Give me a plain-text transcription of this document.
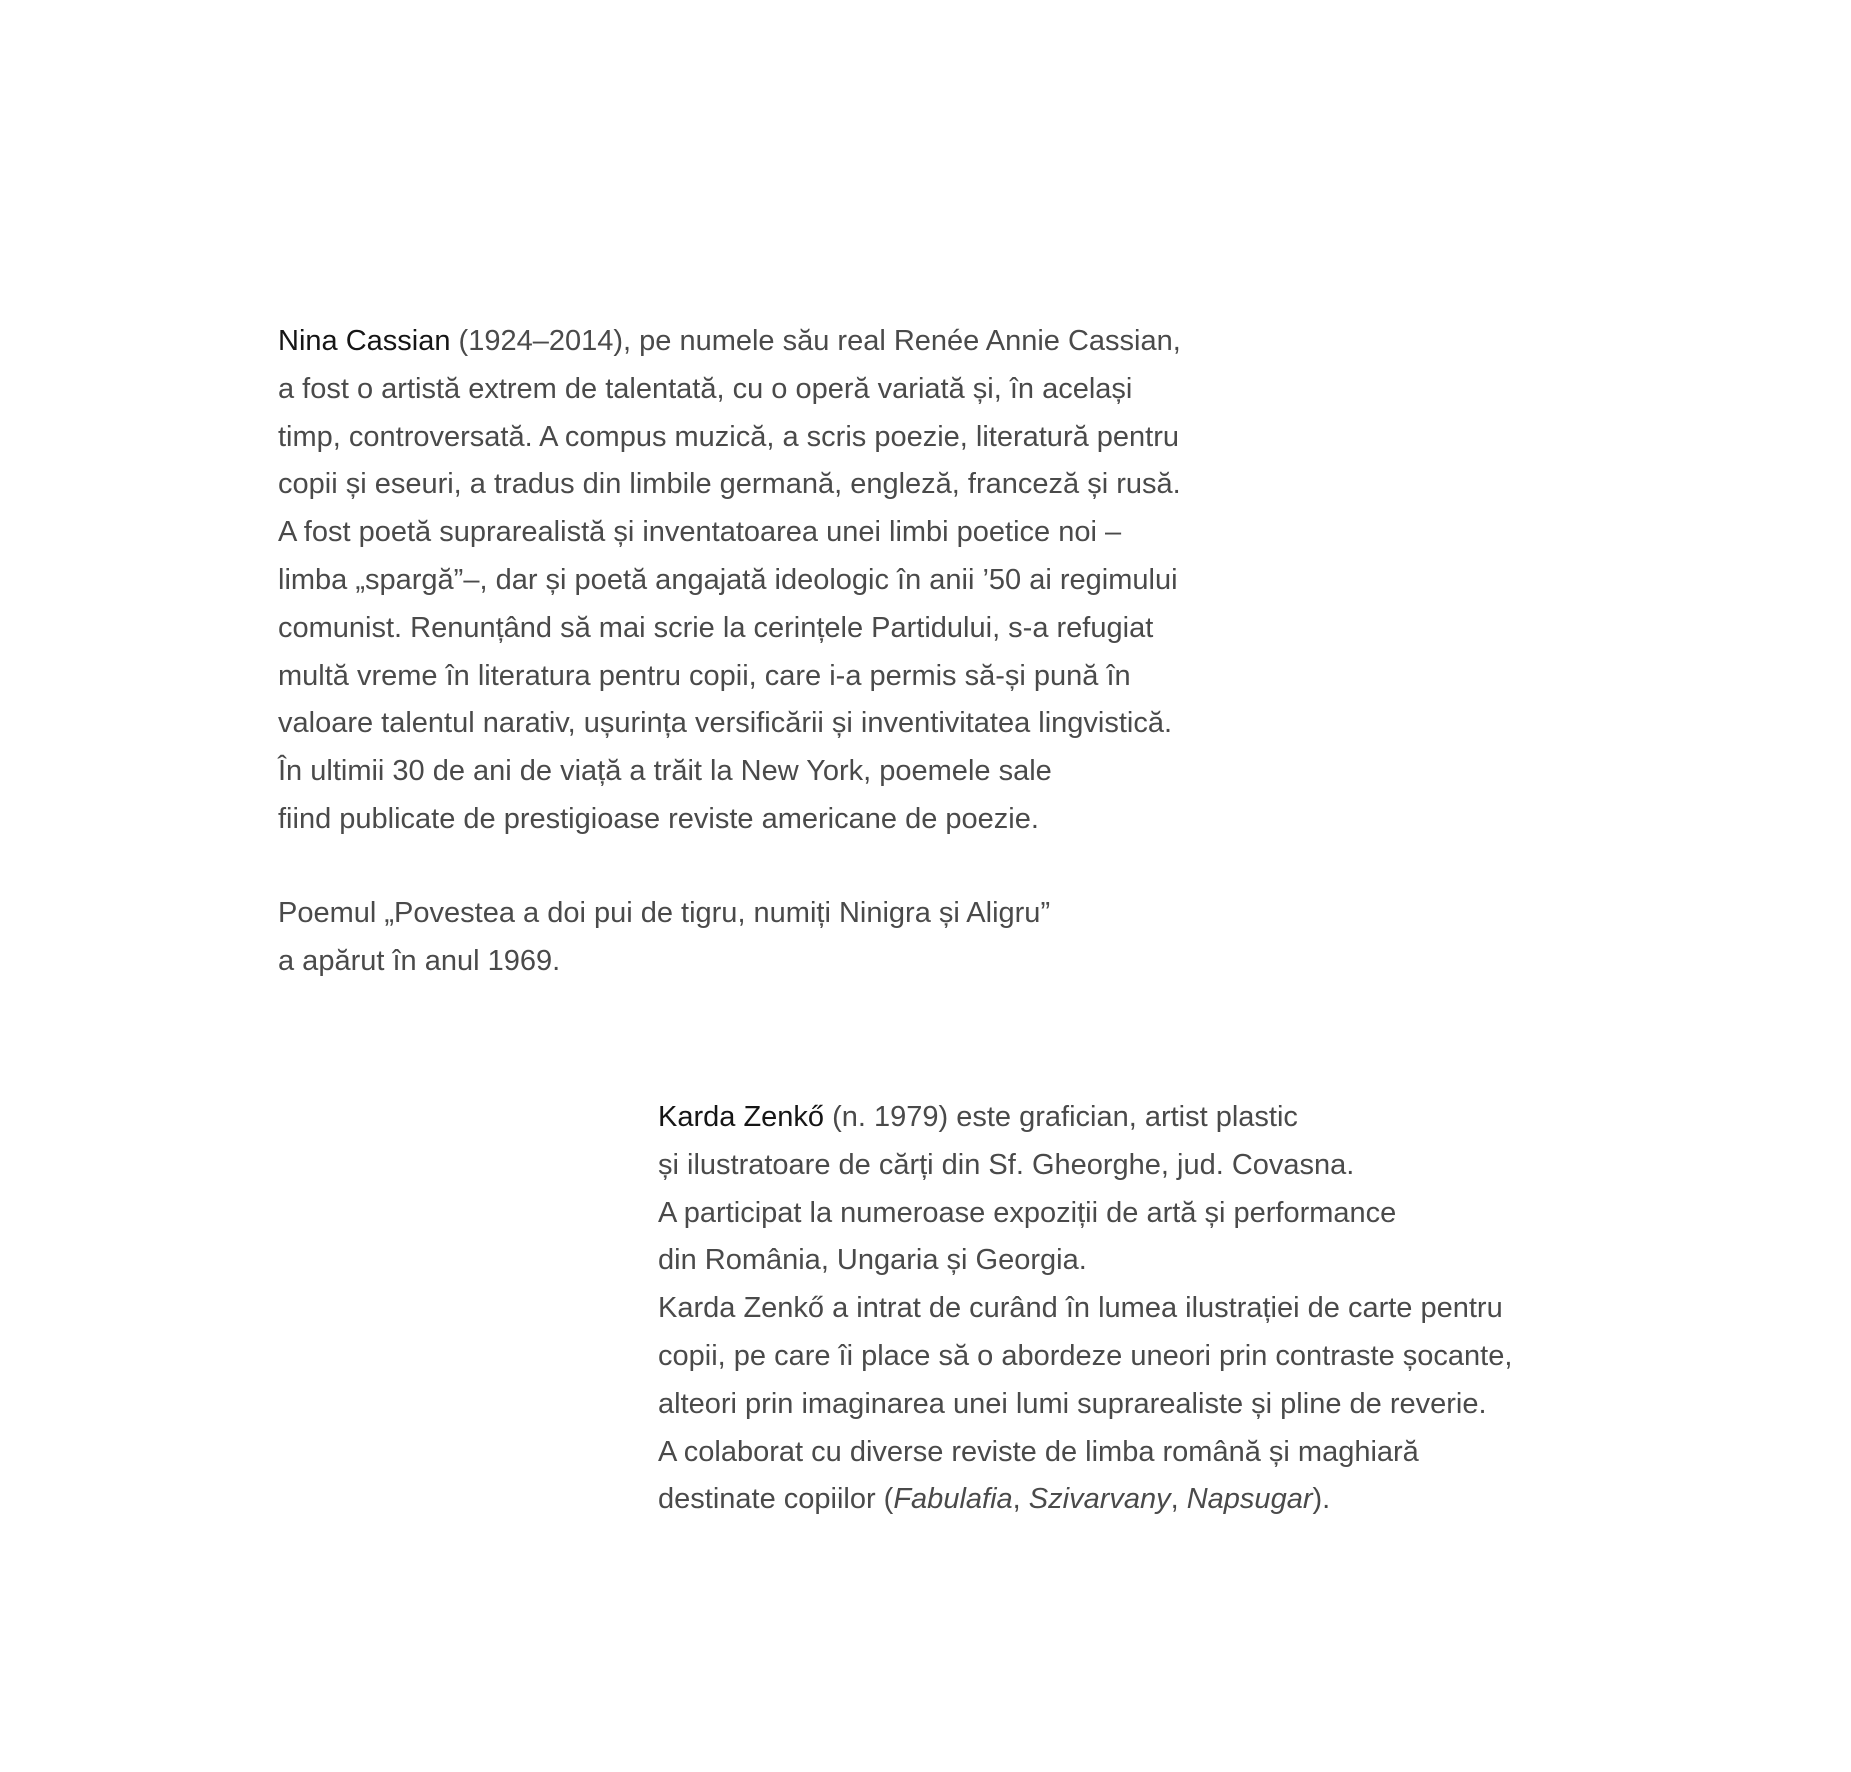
Nina Cassian (1924–2014), pe numele său real Renée Annie Cassian,
a fost o artistă extrem de talentată, cu o operă variată și, în același
timp, controversată. A compus muzică, a scris poezie, literatură pentru
copii și eseuri, a tradus din limbile germană, engleză, franceză și rusă.
A fost poetă suprarealistă și inventatoarea unei limbi poetice noi –
limba „spargă”–, dar și poetă angajată ideologic în anii ’50 ai regimului
comunist. Renunțând să mai scrie la cerințele Partidului, s-a refugiat
multă vreme în literatura pentru copii, care i-a permis să-și pună în
valoare talentul narativ, ușurința versificării și inventivitatea lingvistică.
În ultimii 30 de ani de viață a trăit la New York, poemele sale
fiind publicate de prestigioase reviste americane de poezie.
Poemul „Povestea a doi pui de tigru, numiți Ninigra și Aligru”
a apărut în anul 1969.
Karda Zenkő (n. 1979) este grafician, artist plastic
și ilustratoare de cărți din Sf. Gheorghe, jud. Covasna.
A participat la numeroase expoziții de artă și performance
din România, Ungaria și Georgia.
Karda Zenkő a intrat de curând în lumea ilustrației de carte pentru
copii, pe care îi place să o abordeze uneori prin contraste șocante,
alteori prin imaginarea unei lumi suprarealiste și pline de reverie.
A colaborat cu diverse reviste de limba română și maghiară
destinate copiilor (Fabulafia, Szivarvany, Napsugar).
